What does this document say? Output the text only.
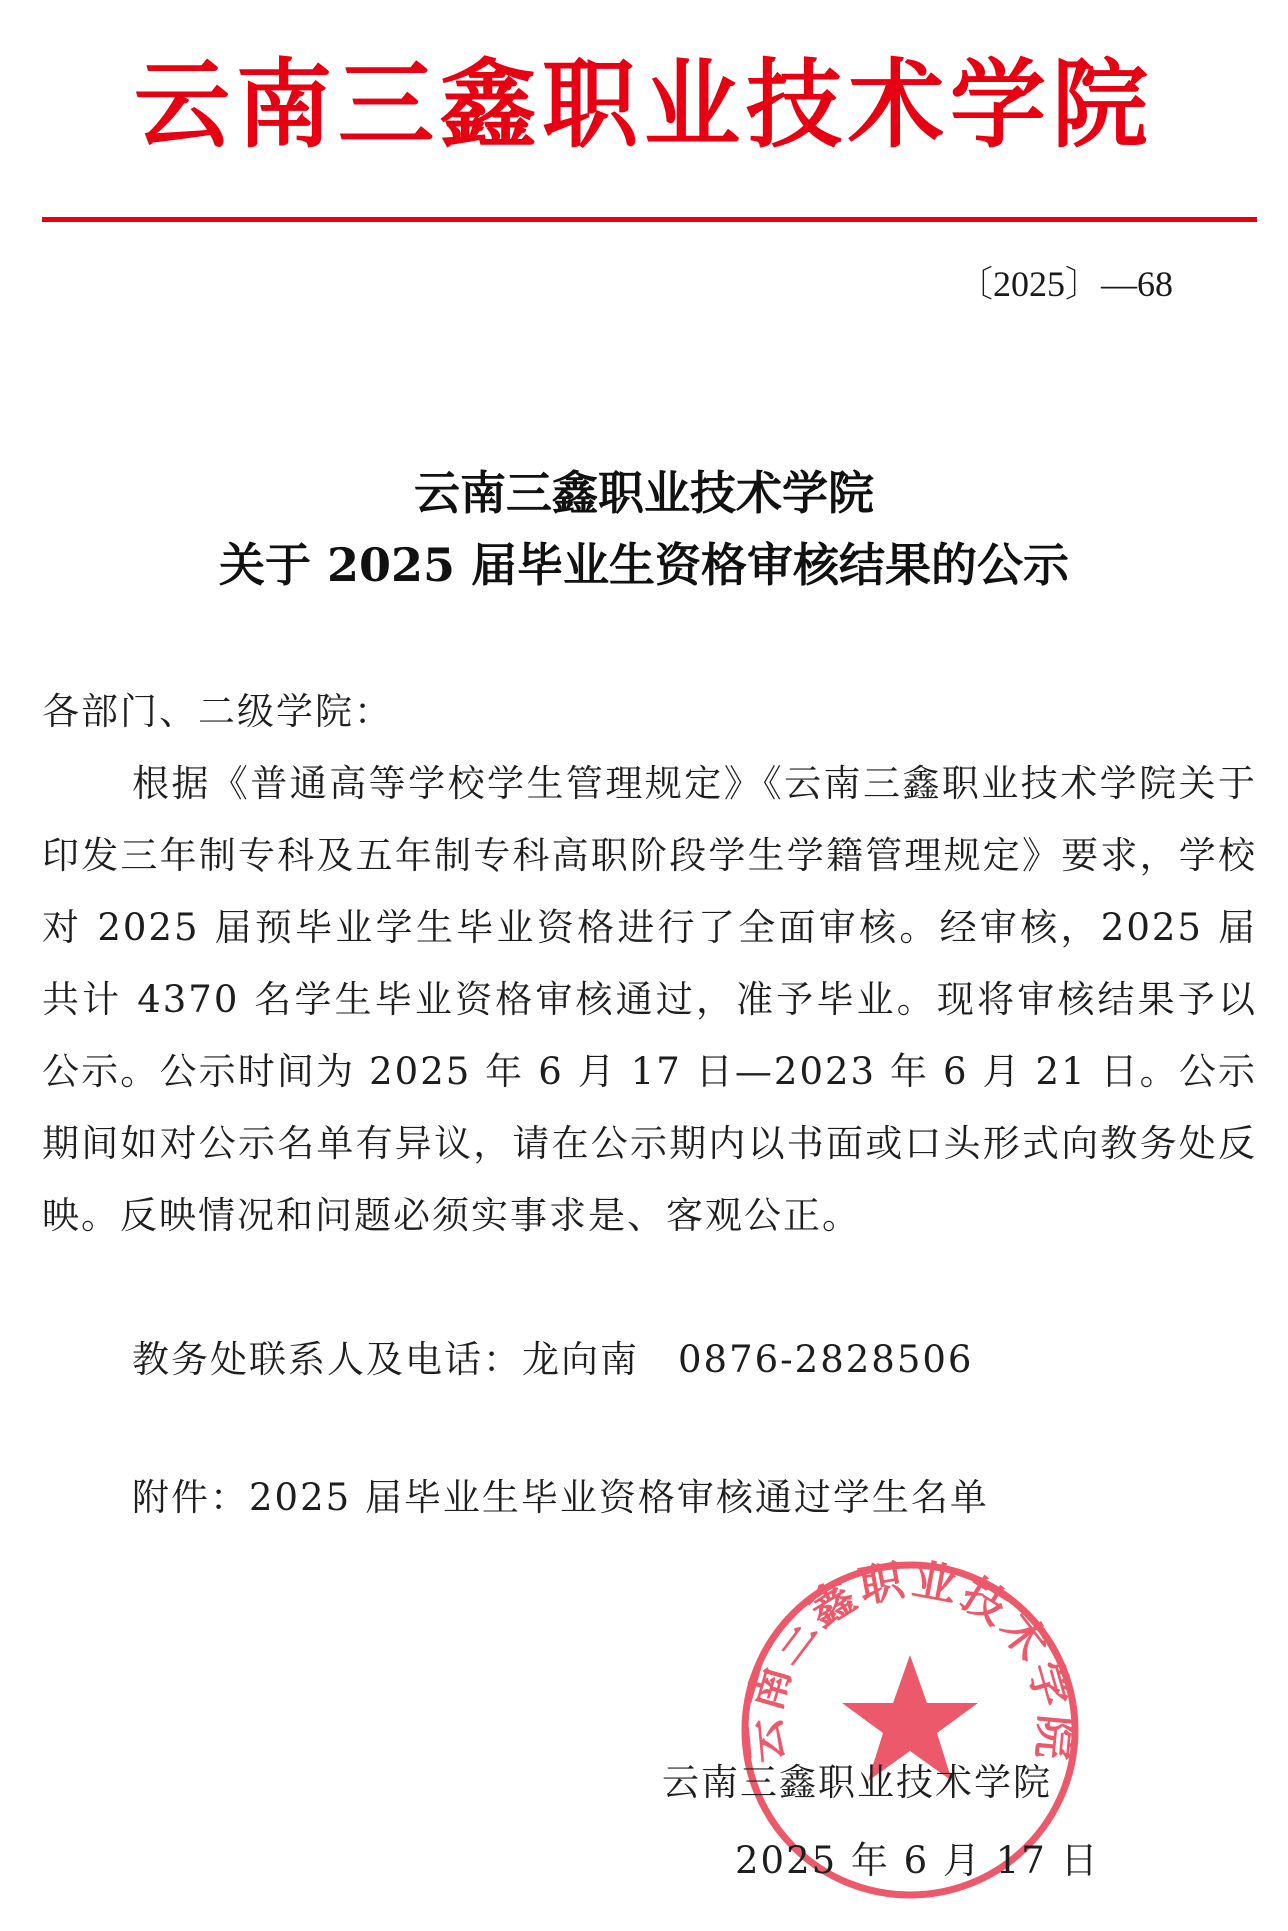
云南三鑫职业技术学院
〔2025〕—68
云南三鑫职业技术学院
关于 2025 届毕业生资格审核结果的公示
各部门、二级学院：
根据《普通高等学校学生管理规定》《云南三鑫职业技术学院关于印发三年制专科及五年制专科高职阶段学生学籍管理规定》要求，学校对 2025 届预毕业学生毕业资格进行了全面审核。经审核，2025 届共计 4370 名学生毕业资格审核通过，准予毕业。现将审核结果予以公示。公示时间为 2025 年 6 月 17 日—2023 年 6 月 21 日。公示期间如对公示名单有异议，请在公示期内以书面或口头形式向教务处反映。反映情况和问题必须实事求是、客观公正。
教务处联系人及电话：龙向南　0876-2828506
附件：2025 届毕业生毕业资格审核通过学生名单
云南三鑫职业技术学院
云南三鑫职业技术学院
2025 年 6 月 17 日
